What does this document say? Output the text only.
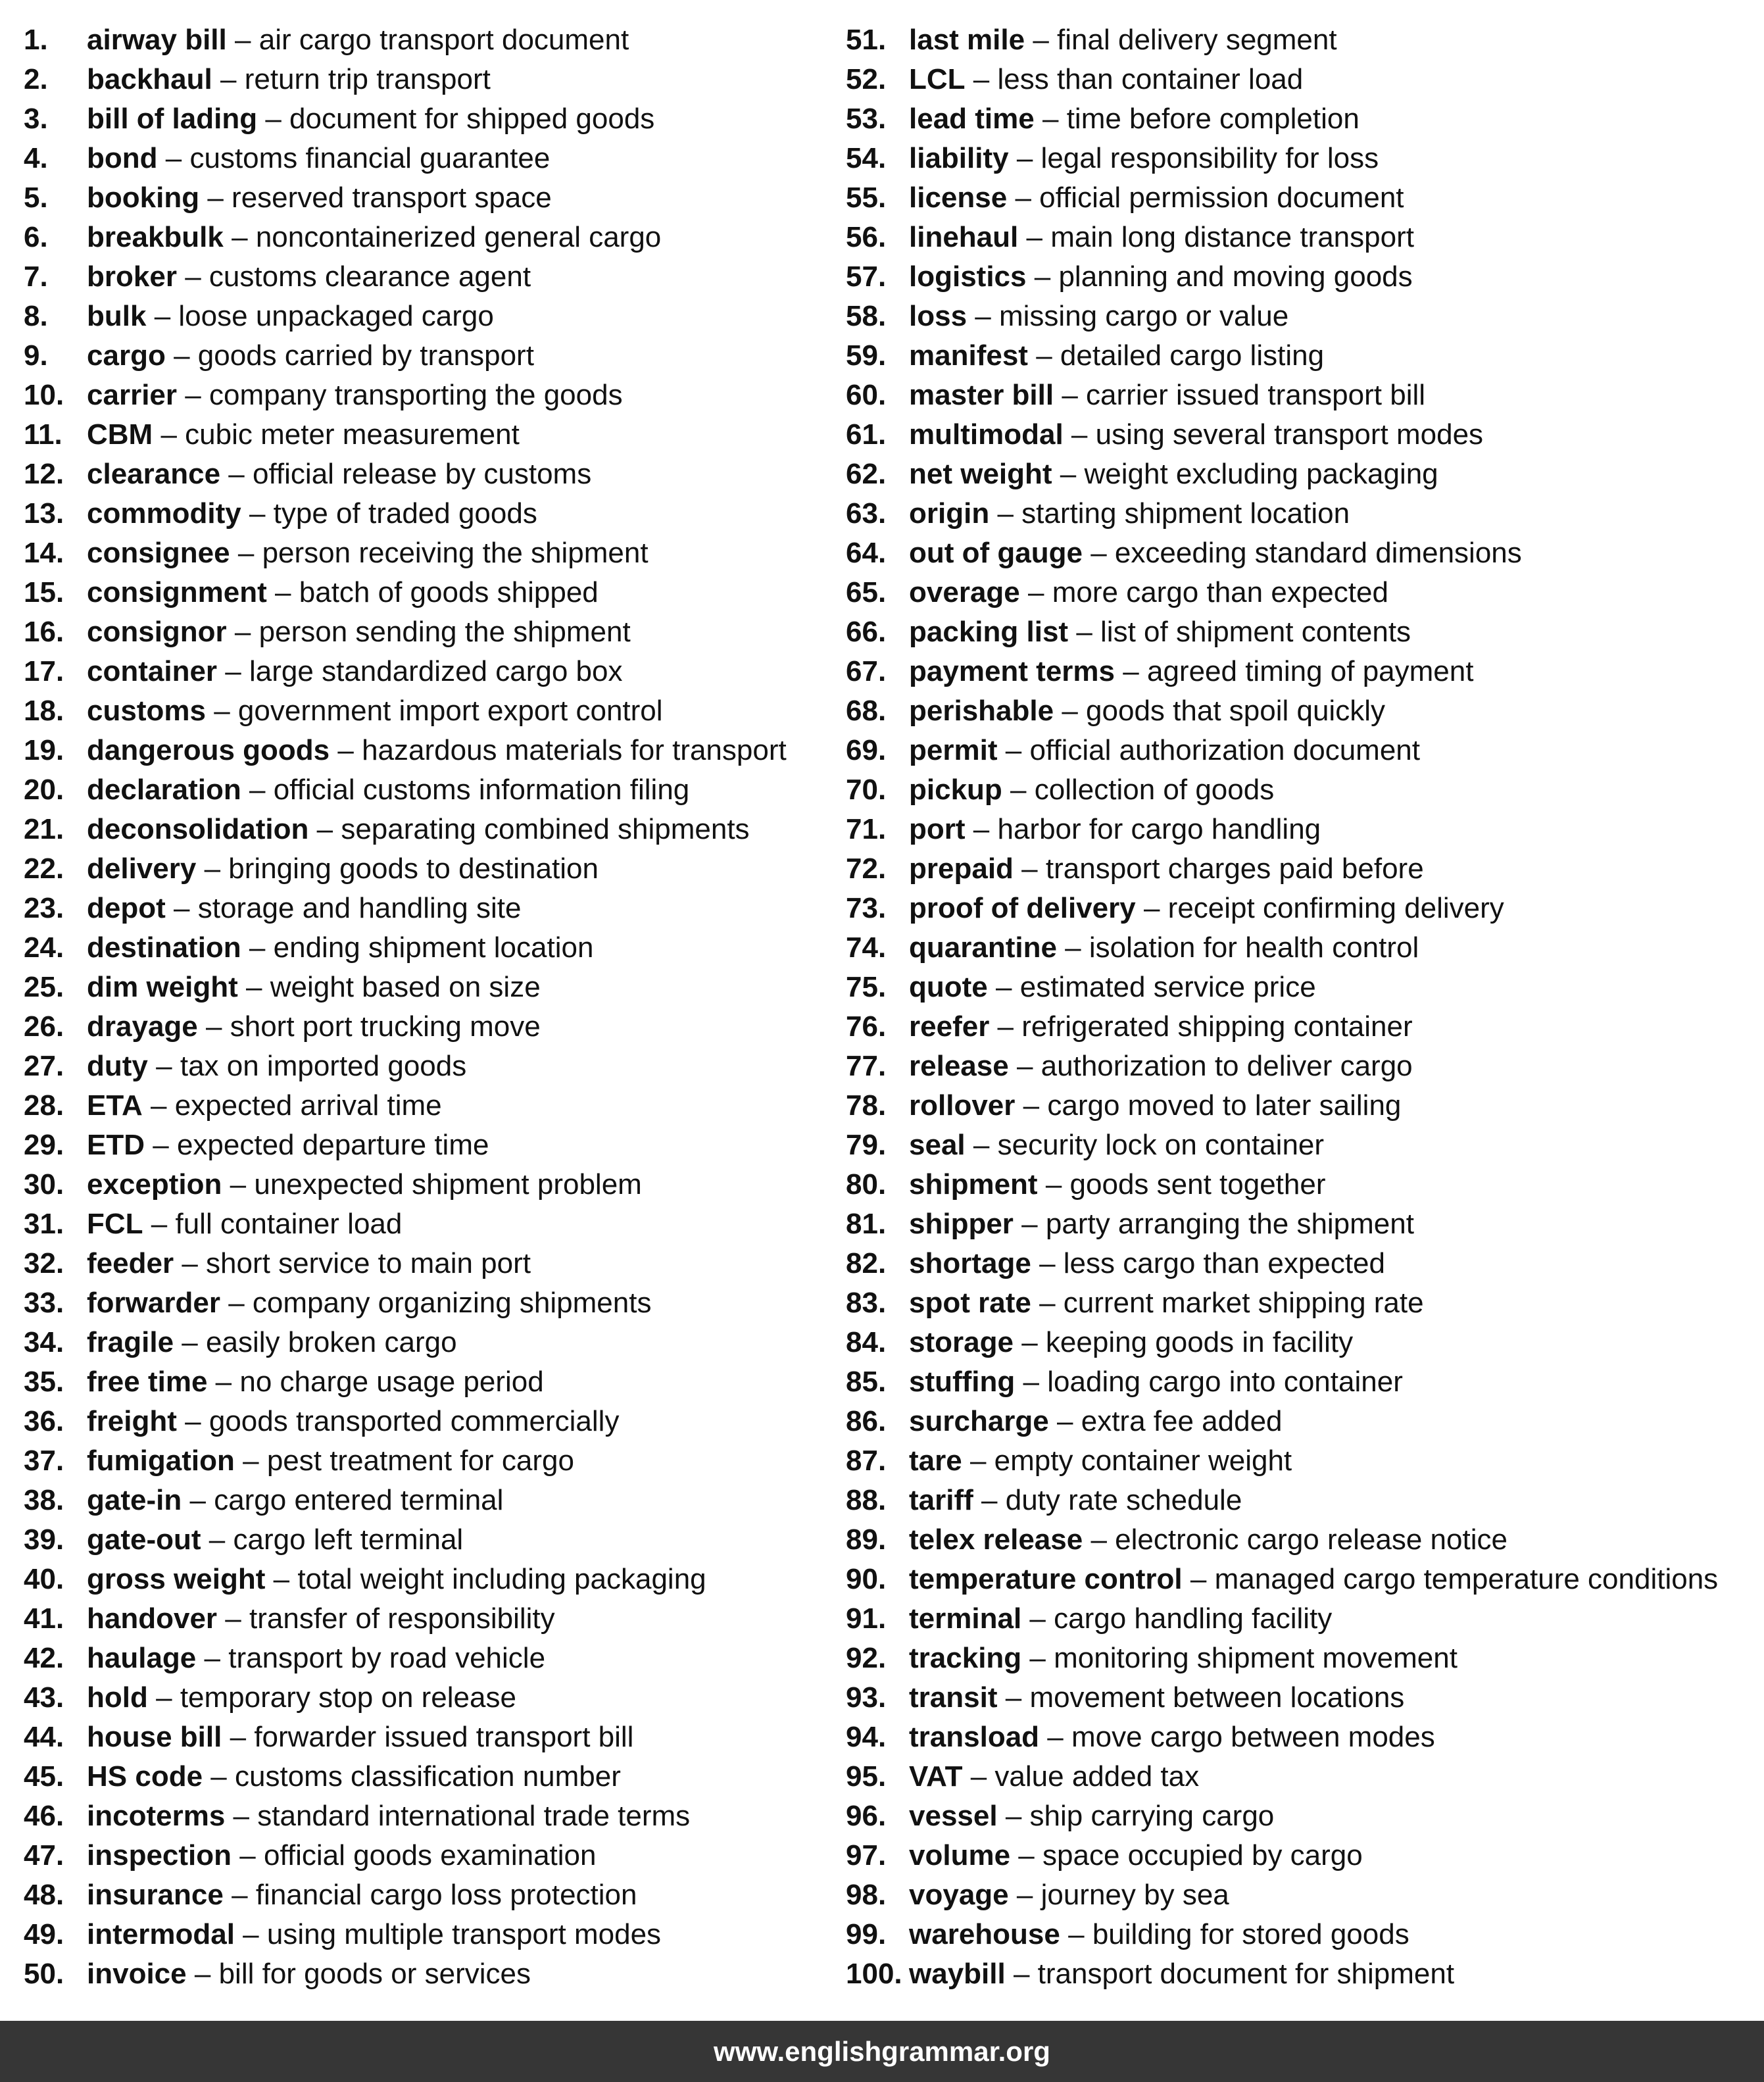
1. airway bill – air cargo transport document
2. backhaul – return trip transport
3. bill of lading – document for shipped goods
4. bond – customs financial guarantee
5. booking – reserved transport space
6. breakbulk – noncontainerized general cargo
7. broker – customs clearance agent
8. bulk – loose unpackaged cargo
9. cargo – goods carried by transport
10. carrier – company transporting the goods
11. CBM – cubic meter measurement
12. clearance – official release by customs
13. commodity – type of traded goods
14. consignee – person receiving the shipment
15. consignment – batch of goods shipped
16. consignor – person sending the shipment
17. container – large standardized cargo box
18. customs – government import export control
19. dangerous goods – hazardous materials for transport
20. declaration – official customs information filing
21. deconsolidation – separating combined shipments
22. delivery – bringing goods to destination
23. depot – storage and handling site
24. destination – ending shipment location
25. dim weight – weight based on size
26. drayage – short port trucking move
27. duty – tax on imported goods
28. ETA – expected arrival time
29. ETD – expected departure time
30. exception – unexpected shipment problem
31. FCL – full container load
32. feeder – short service to main port
33. forwarder – company organizing shipments
34. fragile – easily broken cargo
35. free time – no charge usage period
36. freight – goods transported commercially
37. fumigation – pest treatment for cargo
38. gate-in – cargo entered terminal
39. gate-out – cargo left terminal
40. gross weight – total weight including packaging
41. handover – transfer of responsibility
42. haulage – transport by road vehicle
43. hold – temporary stop on release
44. house bill – forwarder issued transport bill
45. HS code – customs classification number
46. incoterms – standard international trade terms
47. inspection – official goods examination
48. insurance – financial cargo loss protection
49. intermodal – using multiple transport modes
50. invoice – bill for goods or services
51. last mile – final delivery segment
52. LCL – less than container load
53. lead time – time before completion
54. liability – legal responsibility for loss
55. license – official permission document
56. linehaul – main long distance transport
57. logistics – planning and moving goods
58. loss – missing cargo or value
59. manifest – detailed cargo listing
60. master bill – carrier issued transport bill
61. multimodal – using several transport modes
62. net weight – weight excluding packaging
63. origin – starting shipment location
64. out of gauge – exceeding standard dimensions
65. overage – more cargo than expected
66. packing list – list of shipment contents
67. payment terms – agreed timing of payment
68. perishable – goods that spoil quickly
69. permit – official authorization document
70. pickup – collection of goods
71. port – harbor for cargo handling
72. prepaid – transport charges paid before
73. proof of delivery – receipt confirming delivery
74. quarantine – isolation for health control
75. quote – estimated service price
76. reefer – refrigerated shipping container
77. release – authorization to deliver cargo
78. rollover – cargo moved to later sailing
79. seal – security lock on container
80. shipment – goods sent together
81. shipper – party arranging the shipment
82. shortage – less cargo than expected
83. spot rate – current market shipping rate
84. storage – keeping goods in facility
85. stuffing – loading cargo into container
86. surcharge – extra fee added
87. tare – empty container weight
88. tariff – duty rate schedule
89. telex release – electronic cargo release notice
90. temperature control – managed cargo temperature conditions
91. terminal – cargo handling facility
92. tracking – monitoring shipment movement
93. transit – movement between locations
94. transload – move cargo between modes
95. VAT – value added tax
96. vessel – ship carrying cargo
97. volume – space occupied by cargo
98. voyage – journey by sea
99. warehouse – building for stored goods
100. waybill – transport document for shipment
www.englishgrammar.org
